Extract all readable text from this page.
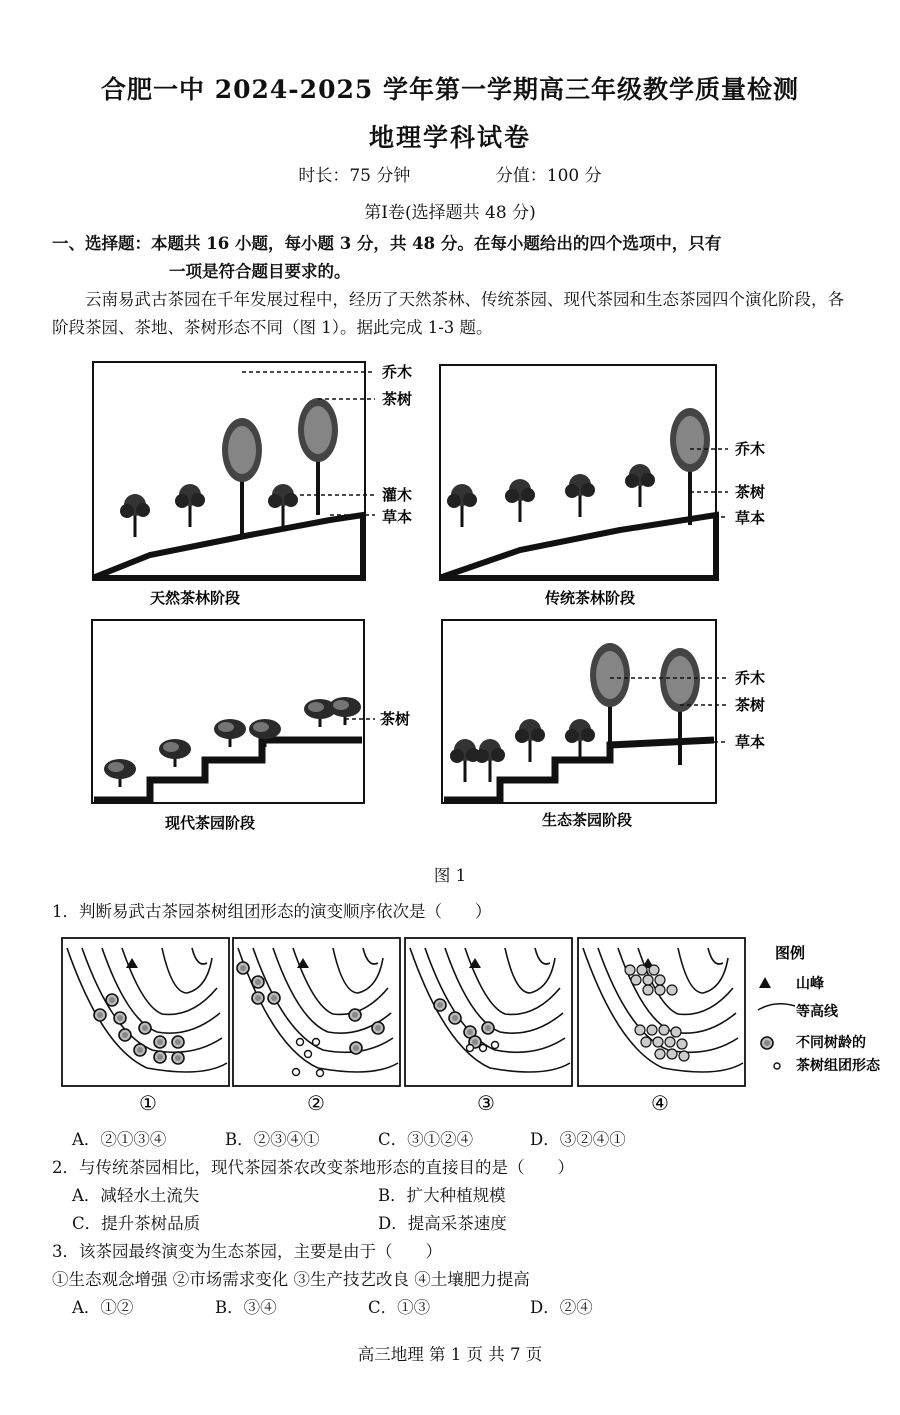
合肥一中 2024-2025 学年第一学期高三年级教学质量检测
地理学科试卷
时长：75 分钟	分值：100 分
第Ⅰ卷(选择题共 48 分)
一、选择题：本题共 16 小题，每小题 3 分，共 48 分。在每小题给出的四个选项中，只有
一项是符合题目要求的。
云南易武古茶园在千年发展过程中，经历了天然茶林、传统茶园、现代茶园和生态茶园四个演化阶段，各阶段茶园、茶地、茶树形态不同（图 1）。据此完成 1-3 题。
天然茶林阶段
乔木
茶树
灌木
草本
传统茶林阶段
乔木
茶树
草本
现代茶园阶段
茶树
生态茶园阶段
乔木
茶树
草本
图 1
1．判断易武古茶园茶树组团形态的演变顺序依次是（　　）
①	②	③	④
图例
山峰
等高线
不同树龄的
茶树组团形态
A．②①③④	B．②③④①	C．③①②④	D．③②④①
2．与传统茶园相比，现代茶园茶农改变茶地形态的直接目的是（　　）
A．减轻水土流失	B．扩大种植规模
C．提升茶树品质	D．提高采茶速度
3．该茶园最终演变为生态茶园，主要是由于（　　）
①生态观念增强 ②市场需求变化 ③生产技艺改良 ④土壤肥力提高
A．①②	B．③④	C．①③	D．②④
高三地理 第 1 页 共 7 页
